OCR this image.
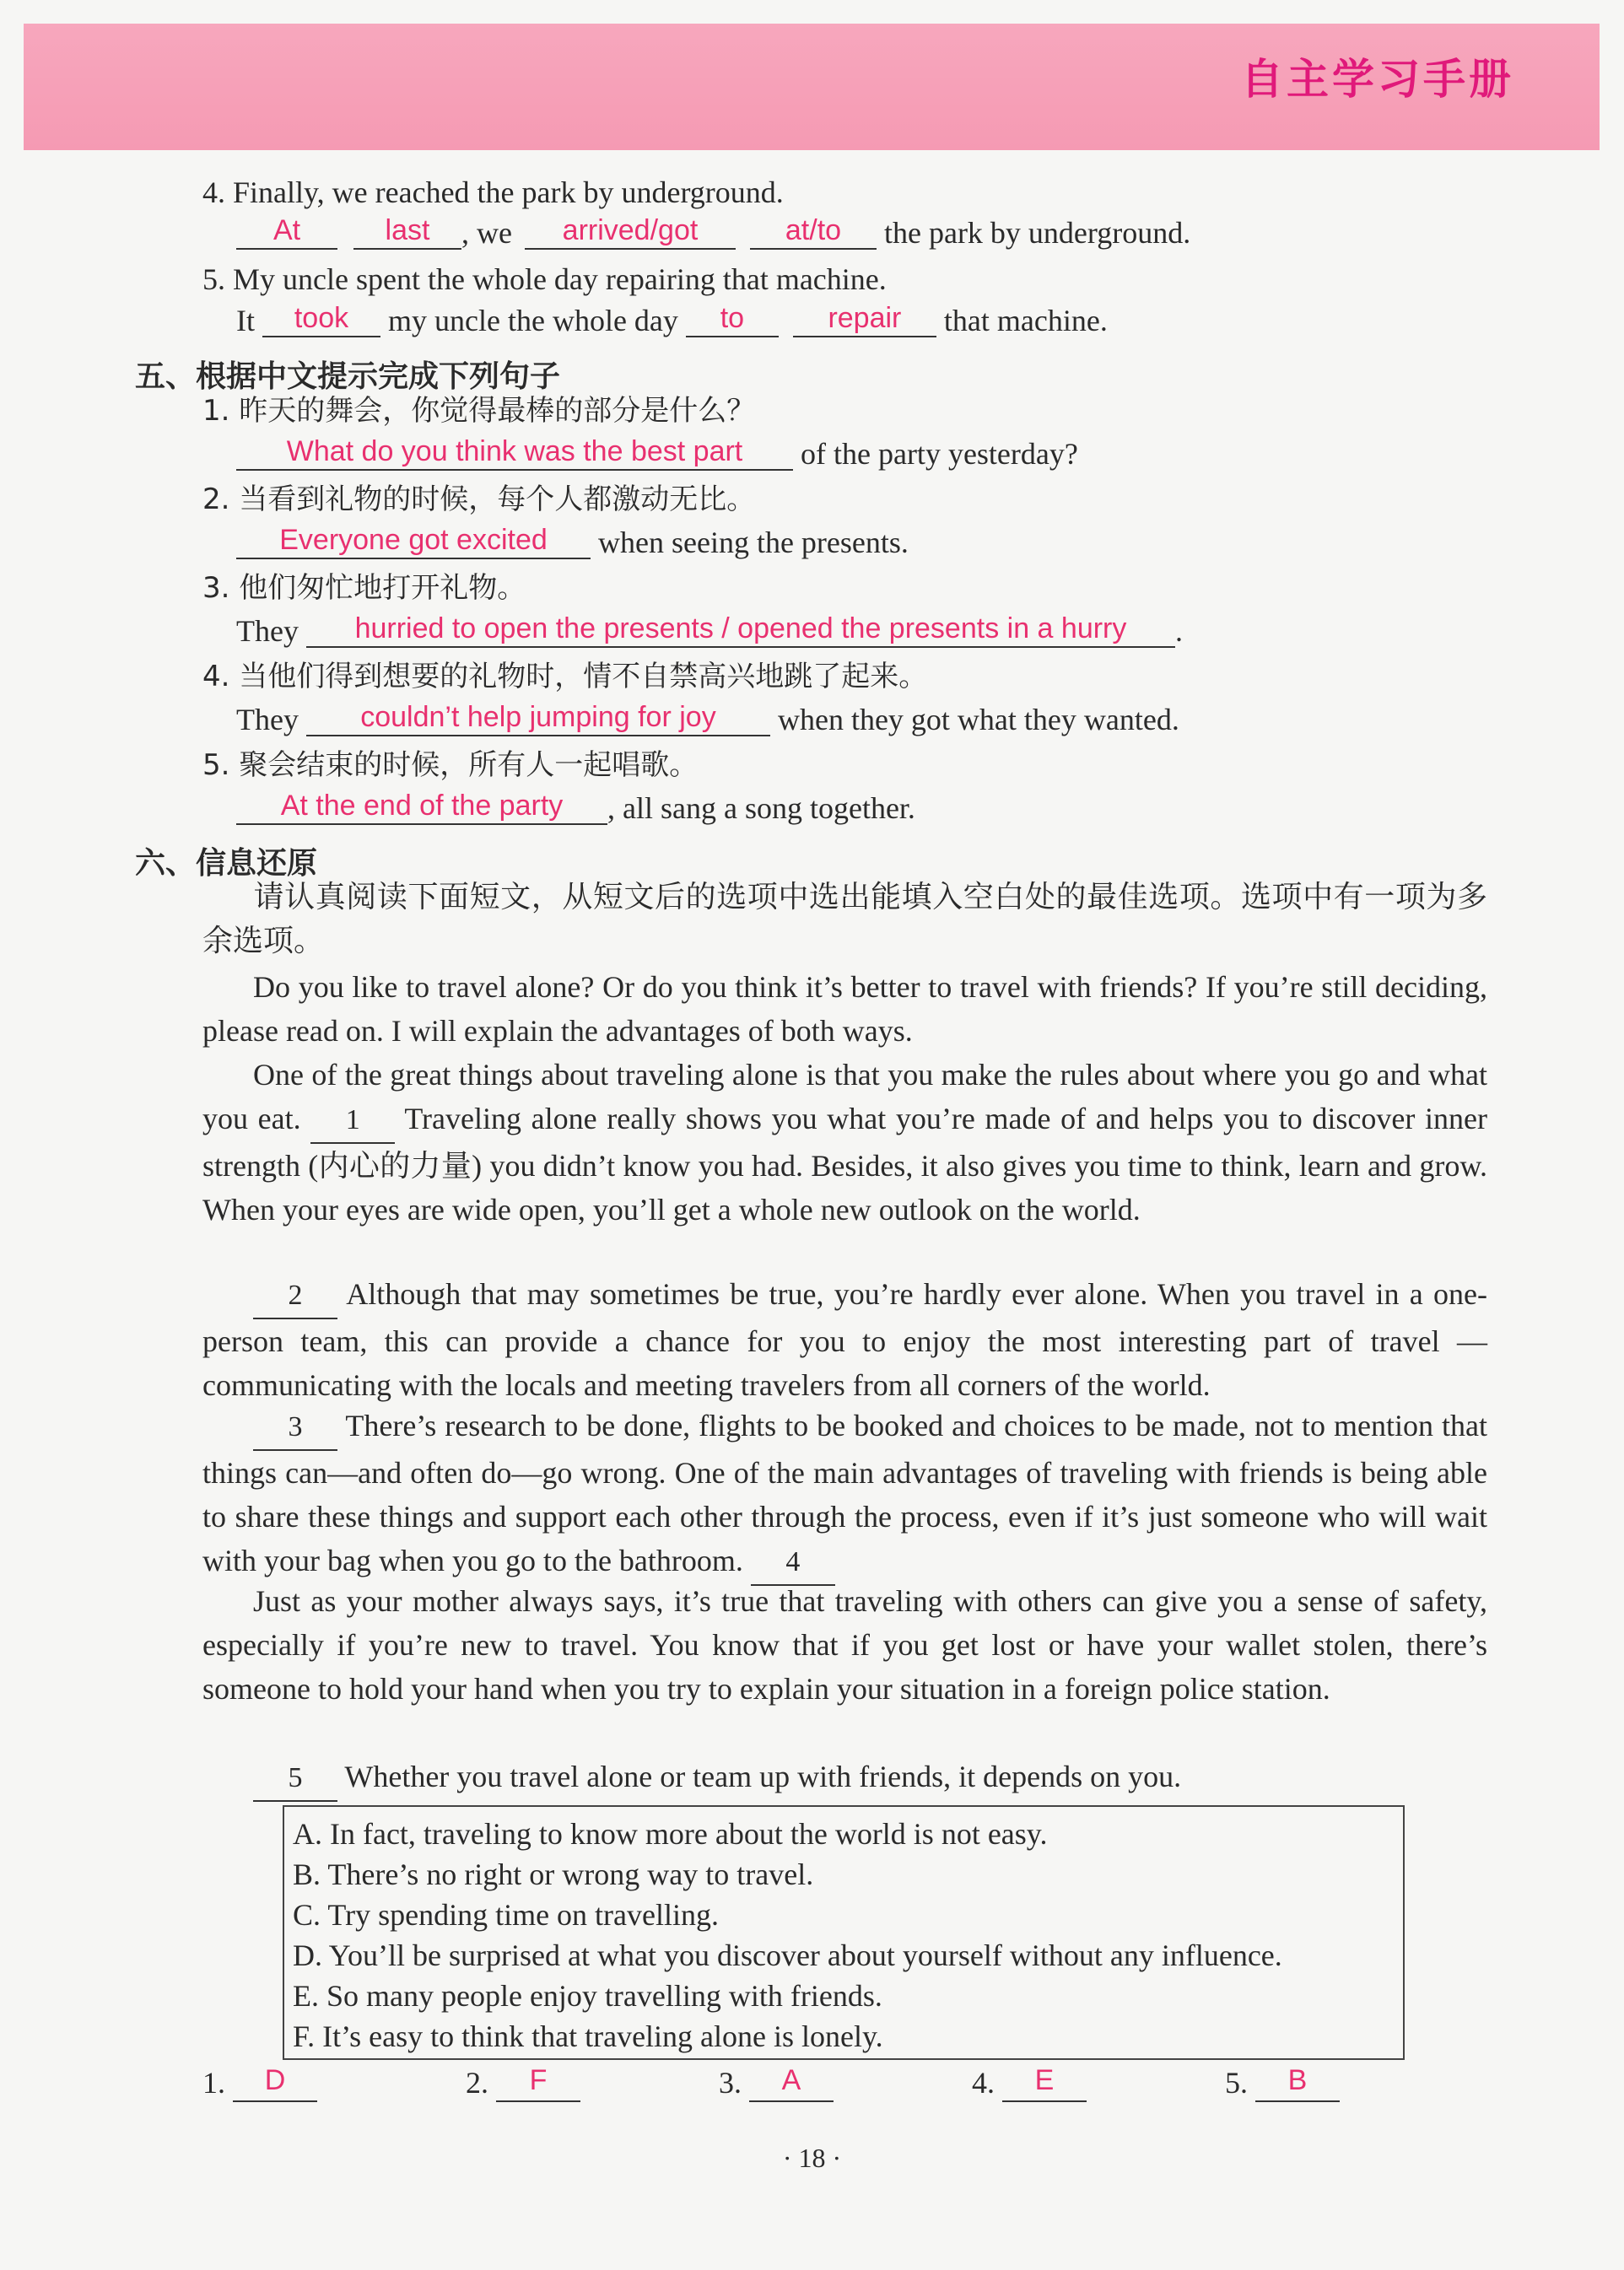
自主学习手册
4. Finally, we reached the park by underground.
At	last , we arrived/got	at/to the park by underground.
5. My uncle spent the whole day repairing that machine.
It took my uncle the whole day to	repair that machine.
五、根据中文提示完成下列句子
1. 昨天的舞会，你觉得最棒的部分是什么？
What do you think was the best part of the party yesterday?
2. 当看到礼物的时候，每个人都激动无比。
Everyone got excited when seeing the presents.
3. 他们匆忙地打开礼物。
They hurried to open the presents / opened the presents in a hurry .
4. 当他们得到想要的礼物时，情不自禁高兴地跳了起来。
They couldn’t help jumping for joy when they got what they wanted.
5. 聚会结束的时候，所有人一起唱歌。
At the end of the party , all sang a song together.
六、信息还原
请认真阅读下面短文，从短文后的选项中选出能填入空白处的最佳选项。选项中有一项为多余选项。
Do you like to travel alone? Or do you think it’s better to travel with friends? If you’re still deciding, please read on. I will explain the advantages of both ways.
One of the great things about traveling alone is that you make the rules about where you go and what you eat. 1 Traveling alone really shows you what you’re made of and helps you to discover inner strength (内心的力量) you didn’t know you had. Besides, it also gives you time to think, learn and grow. When your eyes are wide open, you’ll get a whole new outlook on the world.
2 Although that may sometimes be true, you’re hardly ever alone. When you travel in a one-person team, this can provide a chance for you to enjoy the most interesting part of travel —communicating with the locals and meeting travelers from all corners of the world.
3 There’s research to be done, flights to be booked and choices to be made, not to mention that things can—and often do—go wrong. One of the main advantages of traveling with friends is being able to share these things and support each other through the process, even if it’s just someone who will wait with your bag when you go to the bathroom. 4
Just as your mother always says, it’s true that traveling with others can give you a sense of safety, especially if you’re new to travel. You know that if you get lost or have your wallet stolen, there’s someone to hold your hand when you try to explain your situation in a foreign police station.
5 Whether you travel alone or team up with friends, it depends on you.
A. In fact, traveling to know more about the world is not easy.
B. There’s no right or wrong way to travel.
C. Try spending time on travelling.
D. You’ll be surprised at what you discover about yourself without any influence.
E. So many people enjoy travelling with friends.
F. It’s easy to think that traveling alone is lonely.
1. D	2. F	3. A	4. E	5. B
· 18 ·
